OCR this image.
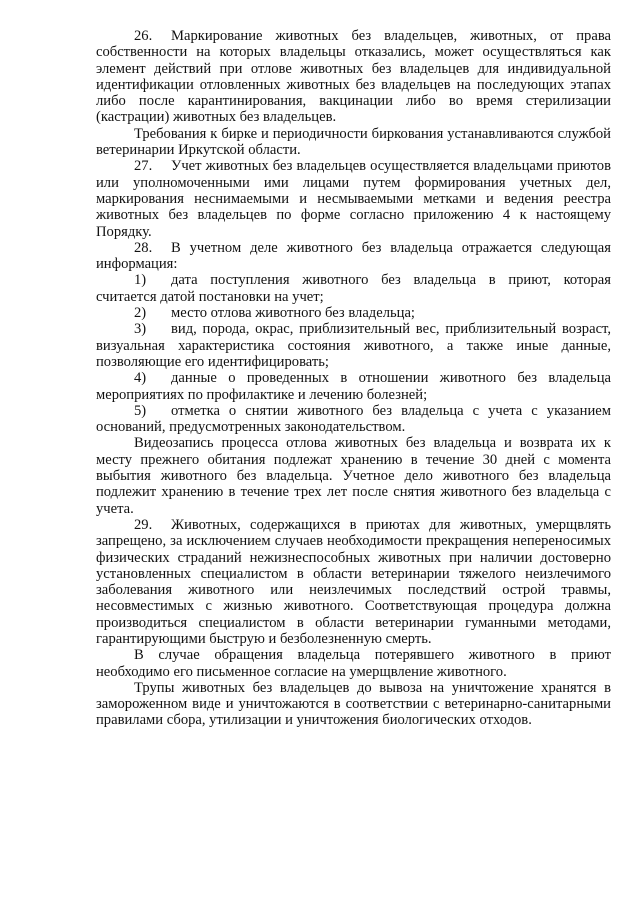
26. Маркирование животных без владельцев, животных, от права собственности на которых владельцы отказались, может осуществляться как элемент действий при отлове животных без владельцев для индивидуальной идентификации отловленных животных без владельцев на последующих этапах либо после карантинирования, вакцинации либо во время стерилизации (кастрации) животных без владельцев.

Требования к бирке и периодичности биркования устанавливаются службой ветеринарии Иркутской области.

27. Учет животных без владельцев осуществляется владельцами приютов или уполномоченными ими лицами путем формирования учетных дел, маркирования неснимаемыми и несмываемыми метками и ведения реестра животных без владельцев по форме согласно приложению 4 к настоящему Порядку.

28. В учетном деле животного без владельца отражается следующая информация:

1) дата поступления животного без владельца в приют, которая считается датой постановки на учет;

2) место отлова животного без владельца;

3) вид, порода, окрас, приблизительный вес, приблизительный возраст, визуальная характеристика состояния животного, а также иные данные, позволяющие его идентифицировать;

4) данные о проведенных в отношении животного без владельца мероприятиях по профилактике и лечению болезней;

5) отметка о снятии животного без владельца с учета с указанием оснований, предусмотренных законодательством.

Видеозапись процесса отлова животных без владельца и возврата их к месту прежнего обитания подлежат хранению в течение 30 дней с момента выбытия животного без владельца. Учетное дело животного без владельца подлежит хранению в течение трех лет после снятия животного без владельца с учета.

29. Животных, содержащихся в приютах для животных, умерщвлять запрещено, за исключением случаев необходимости прекращения непереносимых физических страданий нежизнеспособных животных при наличии достоверно установленных специалистом в области ветеринарии тяжелого неизлечимого заболевания животного или неизлечимых последствий острой травмы, несовместимых с жизнью животного. Соответствующая процедура должна производиться специалистом в области ветеринарии гуманными методами, гарантирующими быструю и безболезненную смерть.

В случае обращения владельца потерявшего животного в приют необходимо его письменное согласие на умерщвление животного.

Трупы животных без владельцев до вывоза на уничтожение хранятся в замороженном виде и уничтожаются в соответствии с ветеринарно-санитарными правилами сбора, утилизации и уничтожения биологических отходов.
